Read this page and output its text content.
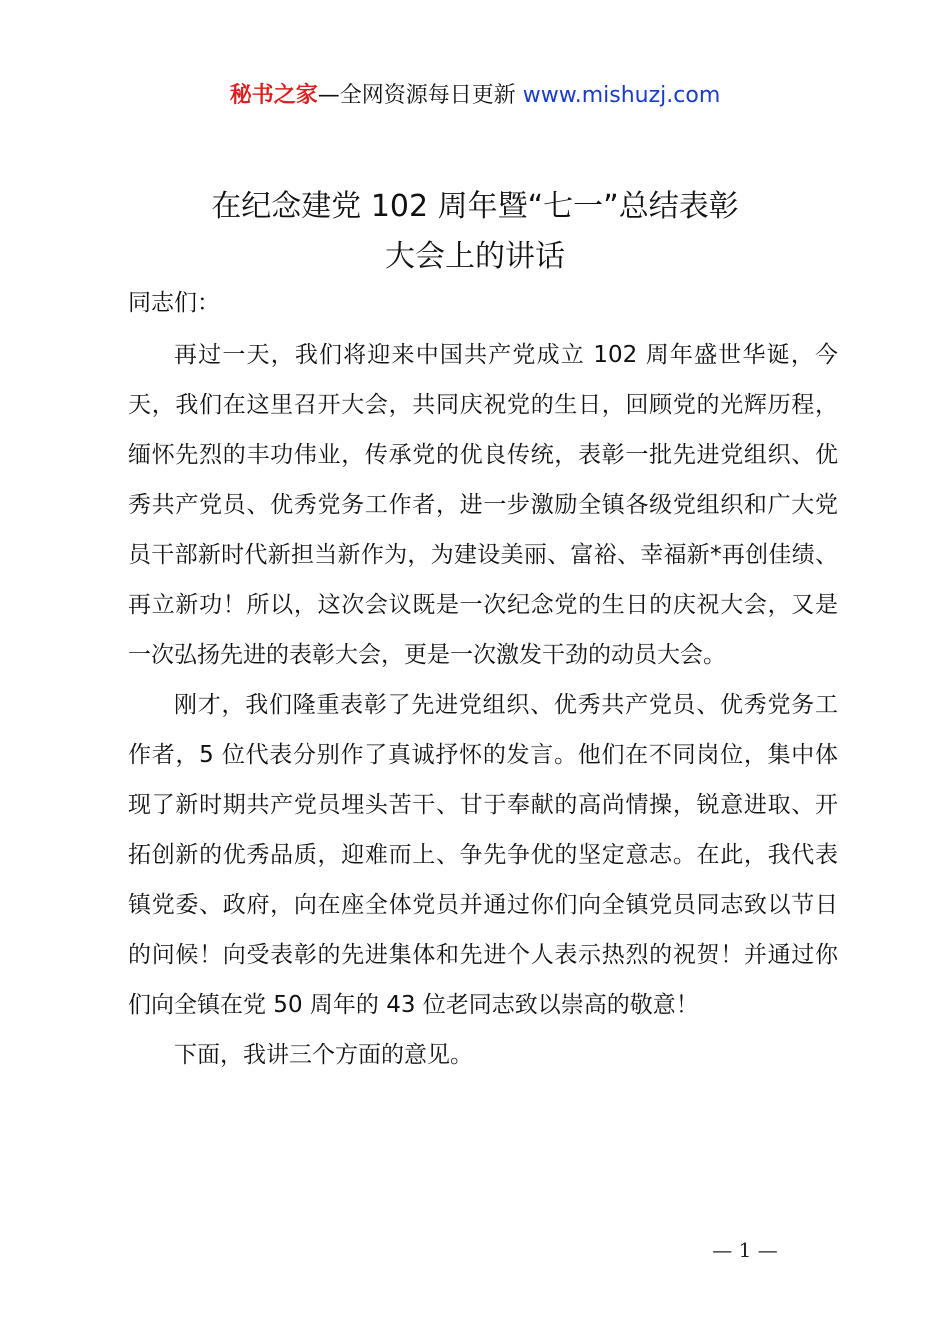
秘书之家—全网资源每日更新 www.mishuzj.com
在纪念建党 102 周年暨“七一”总结表彰
大会上的讲话
同志们：

再过一天，我们将迎来中国共产党成立 102 周年盛世华诞，今天，我们在这里召开大会，共同庆祝党的生日，回顾党的光辉历程，缅怀先烈的丰功伟业，传承党的优良传统，表彰一批先进党组织、优秀共产党员、优秀党务工作者，进一步激励全镇各级党组织和广大党员干部新时代新担当新作为，为建设美丽、富裕、幸福新*再创佳绩、再立新功！所以，这次会议既是一次纪念党的生日的庆祝大会，又是一次弘扬先进的表彰大会，更是一次激发干劲的动员大会。

刚才，我们隆重表彰了先进党组织、优秀共产党员、优秀党务工作者，5 位代表分别作了真诚抒怀的发言。他们在不同岗位，集中体现了新时期共产党员埋头苦干、甘于奉献的高尚情操，锐意进取、开拓创新的优秀品质，迎难而上、争先争优的坚定意志。在此，我代表镇党委、政府，向在座全体党员并通过你们向全镇党员同志致以节日的问候！向受表彰的先进集体和先进个人表示热烈的祝贺！并通过你们向全镇在党 50 周年的 43 位老同志致以崇高的敬意！

下面，我讲三个方面的意见。

— 1 —
